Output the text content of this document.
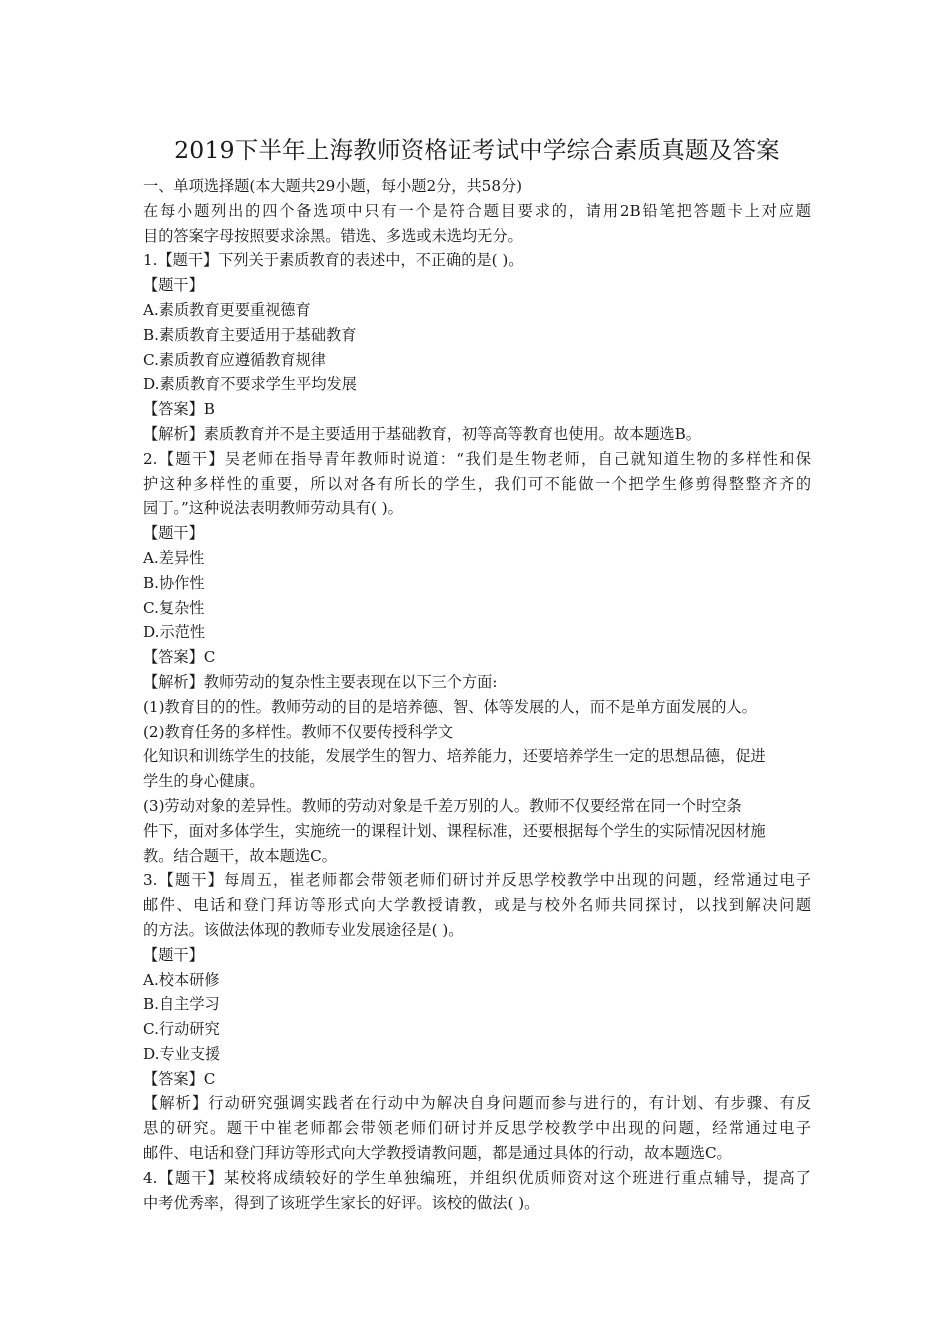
2019下半年上海教师资格证考试中学综合素质真题及答案

一、单项选择题(本大题共29小题，每小题2分，共58分)

在每小题列出的四个备选项中只有一个是符合题目要求的，请用2B铅笔把答题卡上对应题
目的答案字母按照要求涂黑。错选、多选或未选均无分。

1.【题干】下列关于素质教育的表述中，不正确的是( )。

【题干】

A.素质教育更要重视德育

B.素质教育主要适用于基础教育

C.素质教育应遵循教育规律

D.素质教育不要求学生平均发展

【答案】B

【解析】素质教育并不是主要适用于基础教育，初等高等教育也使用。故本题选B。

2.【题干】吴老师在指导青年教师时说道：“我们是生物老师，自己就知道生物的多样性和保
护这种多样性的重要，所以对各有所长的学生，我们可不能做一个把学生修剪得整整齐齐的
园丁。”这种说法表明教师劳动具有( )。

【题干】

A.差异性

B.协作性

C.复杂性

D.示范性

【答案】C

【解析】教师劳动的复杂性主要表现在以下三个方面:
(1)教育目的的性。教师劳动的目的是培养德、智、体等发展的人，而不是单方面发展的人。
(2)教育任务的多样性。教师不仅要传授科学文
化知识和训练学生的技能，发展学生的智力、培养能力，还要培养学生一定的思想品德，促进
学生的身心健康。
(3)劳动对象的差异性。教师的劳动对象是千差万别的人。教师不仅要经常在同一个时空条
件下，面对多体学生，实施统一的课程计划、课程标准，还要根据每个学生的实际情况因材施
教。结合题干，故本题选C。
3.【题干】每周五，崔老师都会带领老师们研讨并反思学校教学中出现的问题，经常通过电子
邮件、电话和登门拜访等形式向大学教授请教，或是与校外名师共同探讨，以找到解决问题
的方法。该做法体现的教师专业发展途径是( )。

【题干】

A.校本研修

B.自主学习

C.行动研究

D.专业支援

【答案】C

【解析】行动研究强调实践者在行动中为解决自身问题而参与进行的，有计划、有步骤、有反
思的研究。题干中崔老师都会带领老师们研讨并反思学校教学中出现的问题，经常通过电子
邮件、电话和登门拜访等形式向大学教授请教问题，都是通过具体的行动，故本题选C。
4.【题干】某校将成绩较好的学生单独编班，并组织优质师资对这个班进行重点辅导，提高了
中考优秀率，得到了该班学生家长的好评。该校的做法( )。
